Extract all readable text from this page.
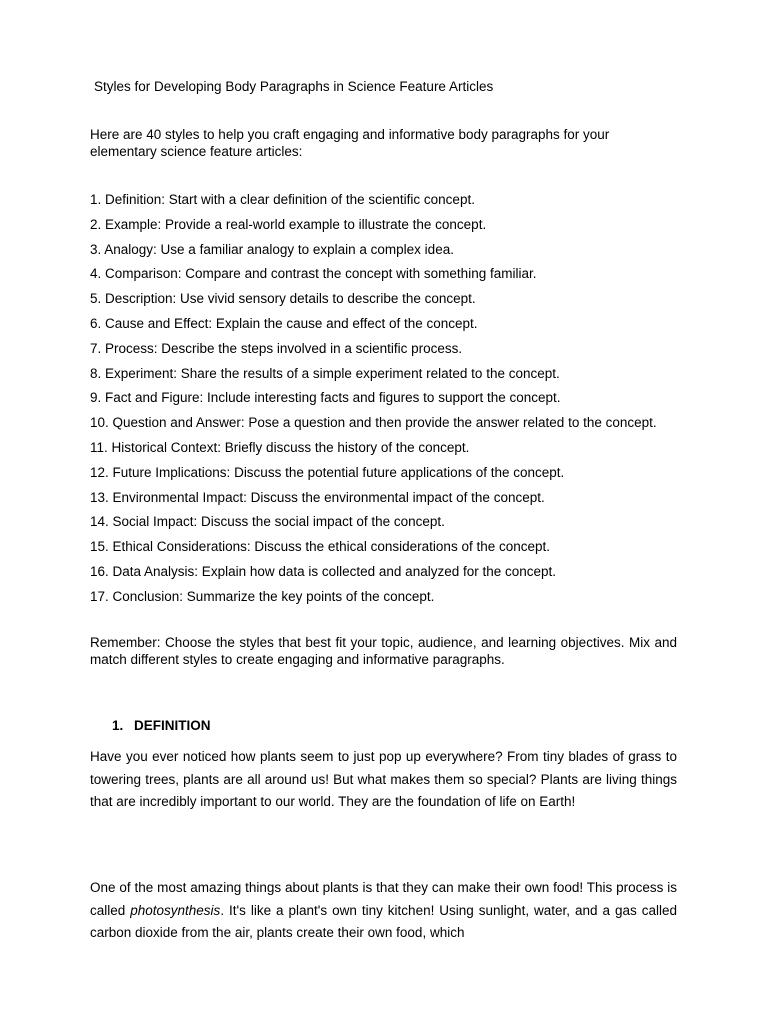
Styles for Developing Body Paragraphs in Science Feature Articles

Here are 40 styles to help you craft engaging and informative body paragraphs for your elementary science feature articles:

1. Definition: Start with a clear definition of the scientific concept.
2. Example: Provide a real-world example to illustrate the concept.
3. Analogy: Use a familiar analogy to explain a complex idea.
4. Comparison: Compare and contrast the concept with something familiar.
5. Description: Use vivid sensory details to describe the concept.
6. Cause and Effect: Explain the cause and effect of the concept.
7. Process: Describe the steps involved in a scientific process.
8. Experiment: Share the results of a simple experiment related to the concept.
9. Fact and Figure: Include interesting facts and figures to support the concept.
10. Question and Answer: Pose a question and then provide the answer related to the concept.
11. Historical Context: Briefly discuss the history of the concept.
12. Future Implications: Discuss the potential future applications of the concept.
13. Environmental Impact: Discuss the environmental impact of the concept.
14. Social Impact: Discuss the social impact of the concept.
15. Ethical Considerations: Discuss the ethical considerations of the concept.
16. Data Analysis: Explain how data is collected and analyzed for the concept.
17. Conclusion: Summarize the key points of the concept.

Remember: Choose the styles that best fit your topic, audience, and learning objectives. Mix and match different styles to create engaging and informative paragraphs.

1. DEFINITION

Have you ever noticed how plants seem to just pop up everywhere? From tiny blades of grass to towering trees, plants are all around us! But what makes them so special? Plants are living things that are incredibly important to our world. They are the foundation of life on Earth!

One of the most amazing things about plants is that they can make their own food! This process is called photosynthesis. It's like a plant's own tiny kitchen! Using sunlight, water, and a gas called carbon dioxide from the air, plants create their own food, which
